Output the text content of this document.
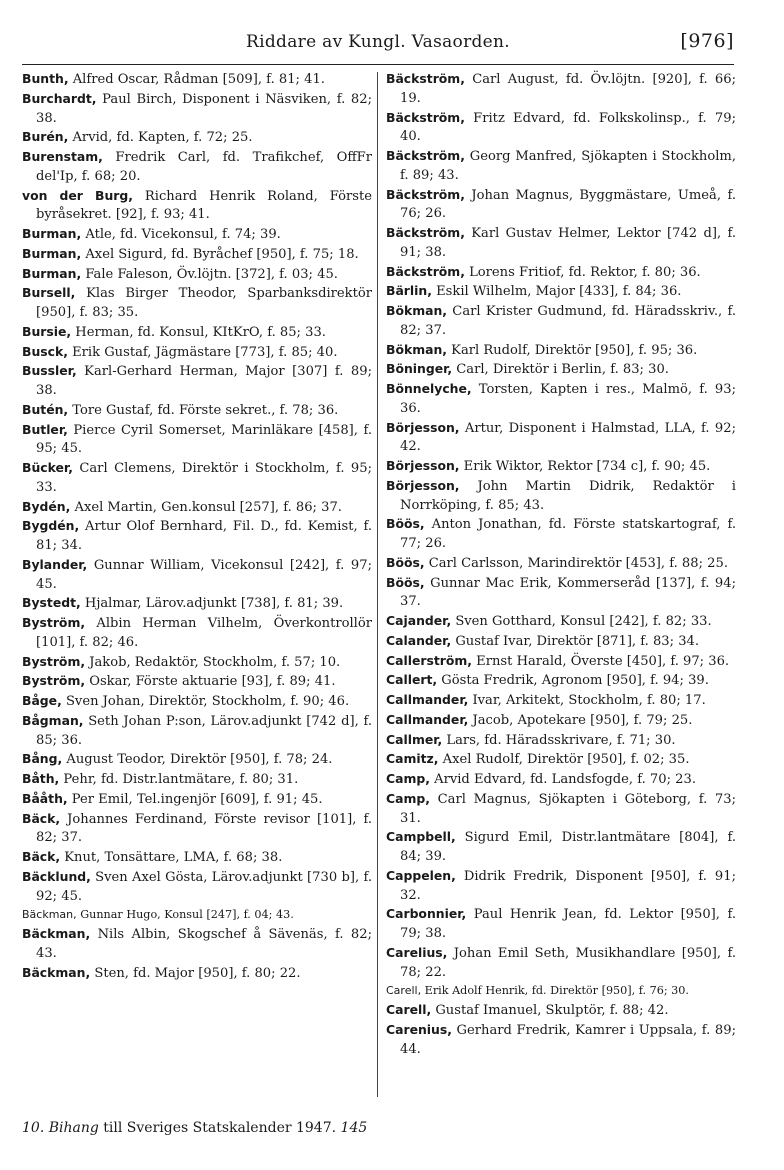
Riddare av Kungl. Vasaorden.	[976]

Bunth, Alfred Oscar, Rådman [509], f. 81; 41.

Burchardt, Paul Birch, Disponent i Näsviken, f. 82; 38.

Burén, Arvid, fd. Kapten, f. 72; 25.

Burenstam, Fredrik Carl, fd. Trafikchef, OffFr del'Ip, f. 68; 20.

von der Burg, Richard Henrik Roland, Förste byråsekret. [92], f. 93; 41.

Burman, Atle, fd. Vicekonsul, f. 74; 39.

Burman, Axel Sigurd, fd. Byråchef [950], f. 75; 18.

Burman, Fale Faleson, Öv.löjtn. [372], f. 03; 45.

Bursell, Klas Birger Theodor, Sparbanksdirektör [950], f. 83; 35.

Bursie, Herman, fd. Konsul, KItKrO, f. 85; 33.

Busck, Erik Gustaf, Jägmästare [773], f. 85; 40.

Bussler, Karl-Gerhard Herman, Major [307] f. 89; 38.

Butén, Tore Gustaf, fd. Förste sekret., f. 78; 36.

Butler, Pierce Cyril Somerset, Marinläkare [458], f. 95; 45.

Bücker, Carl Clemens, Direktör i Stockholm, f. 95; 33.

Bydén, Axel Martin, Gen.konsul [257], f. 86; 37.

Bygdén, Artur Olof Bernhard, Fil. D., fd. Kemist, f. 81; 34.

Bylander, Gunnar William, Vicekonsul [242], f. 97; 45.

Bystedt, Hjalmar, Lärov.adjunkt [738], f. 81; 39.

Byström, Albin Herman Vilhelm, Överkontrollör [101], f. 82; 46.

Byström, Jakob, Redaktör, Stockholm, f. 57; 10.

Byström, Oskar, Förste aktuarie [93], f. 89; 41.

Båge, Sven Johan, Direktör, Stockholm, f. 90; 46.

Bågman, Seth Johan P:son, Lärov.adjunkt [742 d], f. 85; 36.

Bång, August Teodor, Direktör [950], f. 78; 24.

Båth, Pehr, fd. Distr.lantmätare, f. 80; 31.

Bååth, Per Emil, Tel.ingenjör [609], f. 91; 45.

Bäck, Johannes Ferdinand, Förste revisor [101], f. 82; 37.

Bäck, Knut, Tonsättare, LMA, f. 68; 38.

Bäcklund, Sven Axel Gösta, Lärov.adjunkt [730 b], f. 92; 45.

Bäckman, Gunnar Hugo, Konsul [247], f. 04; 43.

Bäckman, Nils Albin, Skogschef å Sävenäs, f. 82; 43.

Bäckman, Sten, fd. Major [950], f. 80; 22.

Bäckström, Carl August, fd. Öv.löjtn. [920], f. 66; 19.

Bäckström, Fritz Edvard, fd. Folkskolinsp., f. 79; 40.

Bäckström, Georg Manfred, Sjökapten i Stockholm, f. 89; 43.

Bäckström, Johan Magnus, Byggmästare, Umeå, f. 76; 26.

Bäckström, Karl Gustav Helmer, Lektor [742 d], f. 91; 38.

Bäckström, Lorens Fritiof, fd. Rektor, f. 80; 36.

Bärlin, Eskil Wilhelm, Major [433], f. 84; 36.

Bökman, Carl Krister Gudmund, fd. Häradsskriv., f. 82; 37.

Bökman, Karl Rudolf, Direktör [950], f. 95; 36.

Böninger, Carl, Direktör i Berlin, f. 83; 30.

Bönnelyche, Torsten, Kapten i res., Malmö, f. 93; 36.

Börjesson, Artur, Disponent i Halmstad, LLA, f. 92; 42.

Börjesson, Erik Wiktor, Rektor [734 c], f. 90; 45.

Börjesson, John Martin Didrik, Redaktör i Norrköping, f. 85; 43.

Böös, Anton Jonathan, fd. Förste statskartograf, f. 77; 26.

Böös, Carl Carlsson, Marindirektör [453], f. 88; 25.

Böös, Gunnar Mac Erik, Kommerseråd [137], f. 94; 37.

Cajander, Sven Gotthard, Konsul [242], f. 82; 33.

Calander, Gustaf Ivar, Direktör [871], f. 83; 34.

Callerström, Ernst Harald, Överste [450], f. 97; 36.

Callert, Gösta Fredrik, Agronom [950], f. 94; 39.

Callmander, Ivar, Arkitekt, Stockholm, f. 80; 17.

Callmander, Jacob, Apotekare [950], f. 79; 25.

Callmer, Lars, fd. Häradsskrivare, f. 71; 30.

Camitz, Axel Rudolf, Direktör [950], f. 02; 35.

Camp, Arvid Edvard, fd. Landsfogde, f. 70; 23.

Camp, Carl Magnus, Sjökapten i Göteborg, f. 73; 31.

Campbell, Sigurd Emil, Distr.lantmätare [804], f. 84; 39.

Cappelen, Didrik Fredrik, Disponent [950], f. 91; 32.

Carbonnier, Paul Henrik Jean, fd. Lektor [950], f. 79; 38.

Carelius, Johan Emil Seth, Musikhandlare [950], f. 78; 22.

Carell, Erik Adolf Henrik, fd. Direktör [950], f. 76; 30.

Carell, Gustaf Imanuel, Skulptör, f. 88; 42.

Carenius, Gerhard Fredrik, Kamrer i Uppsala, f. 89; 44.

10. Bihang till Sveriges Statskalender 1947. 145
